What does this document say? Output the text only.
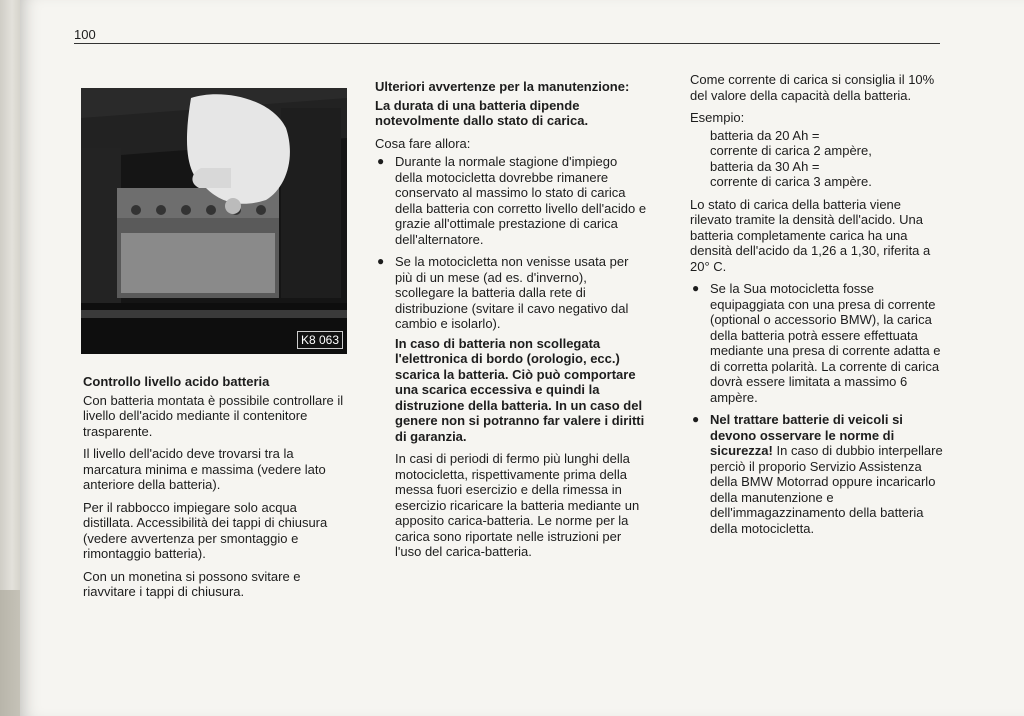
100
K8 063
Controllo livello acido batteria

Con batteria montata è possibile controllare il livello dell'acido mediante il contenitore trasparente.

Il livello dell'acido deve trovarsi tra la marcatura minima e massima (vedere lato anteriore della batteria).

Per il rabbocco impiegare solo acqua distillata. Accessibilità dei tappi di chiusura (vedere avvertenza per smontaggio e rimontaggio batteria).

Con un monetina si possono svitare e riavvitare i tappi di chiusura.

Ulteriori avvertenze per la manutenzione:

La durata di una batteria dipende notevolmente dallo stato di carica.

Cosa fare allora:

● Durante la normale stagione d'impiego della motocicletta dovrebbe rimanere conservato al massimo lo stato di carica della batteria con corretto livello dell'acido e grazie all'ottimale prestazione di carica dell'alternatore.
● Se la motocicletta non venisse usata per più di un mese (ad es. d'inverno), scollegare la batteria dalla rete di distribuzione (svitare il cavo negativo dal cambio e isolarlo).

In caso di batteria non scollegata l'elettronica di bordo (orologio, ecc.) scarica la batteria. Ciò può comportare una scarica eccessiva e quindi la distruzione della batteria. In un caso del genere non si potranno far valere i diritti di garanzia.

In casi di periodi di fermo più lunghi della motocicletta, rispettivamente prima della messa fuori esercizio e della rimessa in esercizio ricaricare la batteria mediante un apposito carica-batteria. Le norme per la carica sono riportate nelle istruzioni per l'uso del carica-batteria.

Come corrente di carica si consiglia il 10% del valore della capacità della batteria.

Esempio:

batteria da 20 Ah =
corrente di carica 2 ampère,
batteria da 30 Ah =
corrente di carica 3 ampère.

Lo stato di carica della batteria viene rilevato tramite la densità dell'acido. Una batteria completamente carica ha una densità dell'acido da 1,26 a 1,30, riferita a 20° C.

● Se la Sua motocicletta fosse equipaggiata con una presa di corrente (optional o accessorio BMW), la carica della batteria potrà essere effettuata mediante una presa di corrente adatta e di corretta polarità. La corrente di carica dovrà essere limitata a massimo 6 ampère.
● Nel trattare batterie di veicoli si devono osservare le norme di sicurezza! In caso di dubbio interpellare perciò il proporio Servizio Assistenza della BMW Motorrad oppure incaricarlo della manutenzione e dell'immagazzinamento della batteria della motocicletta.
